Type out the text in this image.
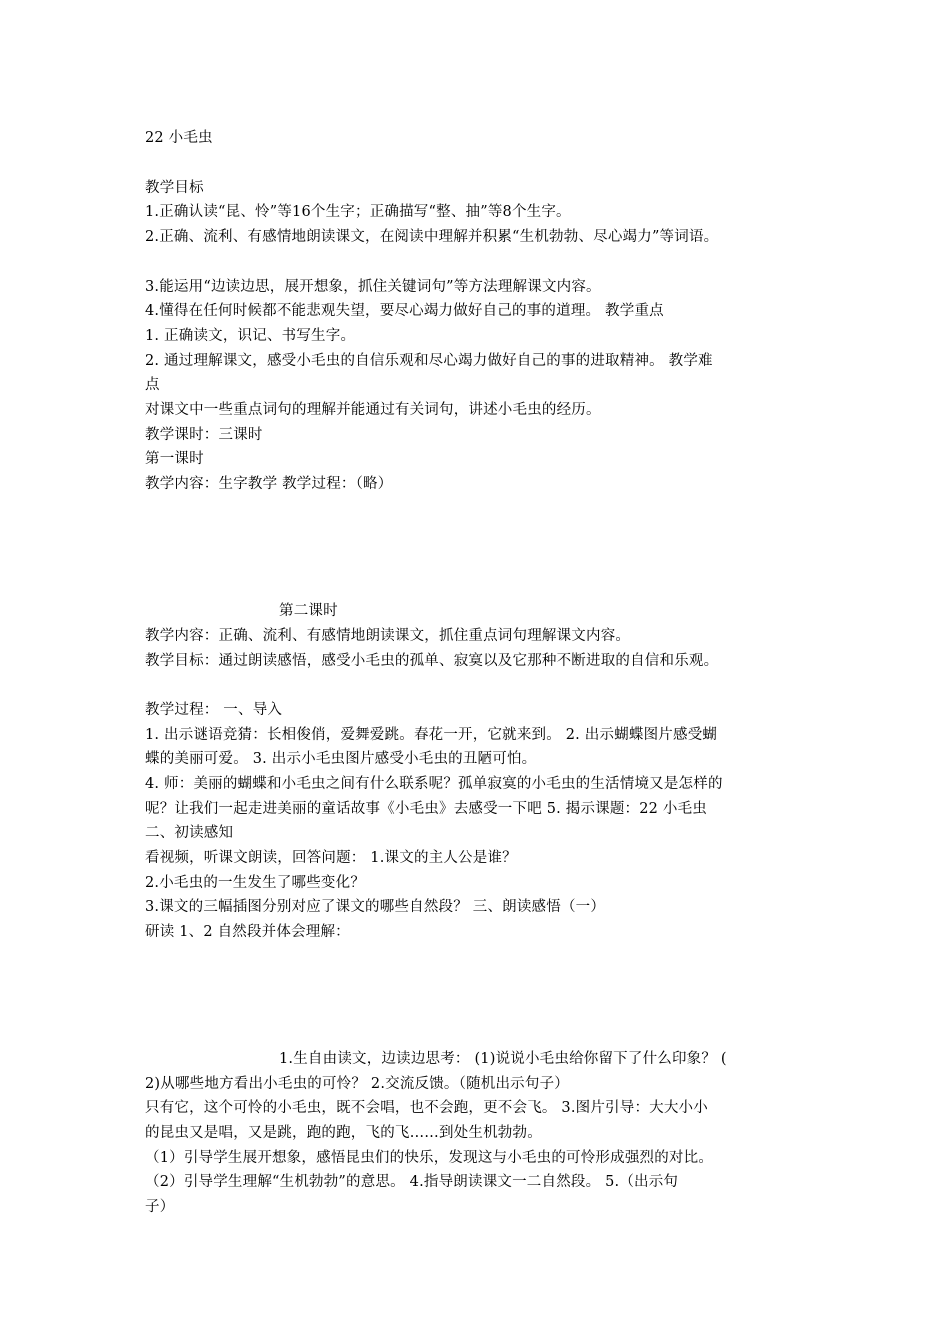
22 小毛虫
教学目标
1.正确认读“昆、怜”等16个生字；正确描写“整、抽”等8个生字。
2.正确、流利、有感情地朗读课文，在阅读中理解并积累“生机勃勃、尽心竭力”等词语。
3.能运用“边读边思，展开想象，抓住关键词句”等方法理解课文内容。
4.懂得在任何时候都不能悲观失望，要尽心竭力做好自己的事的道理。 教学重点
1. 正确读文，识记、书写生字。
2. 通过理解课文，感受小毛虫的自信乐观和尽心竭力做好自己的事的进取精神。 教学难
点
对课文中一些重点词句的理解并能通过有关词句，讲述小毛虫的经历。
教学课时：三课时
第一课时
教学内容：生字教学 教学过程：（略）
第二课时
教学内容：正确、流利、有感情地朗读课文，抓住重点词句理解课文内容。
教学目标：通过朗读感悟，感受小毛虫的孤单、寂寞以及它那种不断进取的自信和乐观。
教学过程： 一、导入
1. 出示谜语竞猜：长相俊俏，爱舞爱跳。春花一开，它就来到。 2. 出示蝴蝶图片感受蝴
蝶的美丽可爱。 3. 出示小毛虫图片感受小毛虫的丑陋可怕。
4. 师：美丽的蝴蝶和小毛虫之间有什么联系呢？孤单寂寞的小毛虫的生活情境又是怎样的
呢？让我们一起走进美丽的童话故事《小毛虫》去感受一下吧 5. 揭示课题：22 小毛虫
二、初读感知
看视频，听课文朗读，回答问题： 1.课文的主人公是谁？
2.小毛虫的一生发生了哪些变化？
3.课文的三幅插图分别对应了课文的哪些自然段？ 三、朗读感悟（一）
研读 1、2 自然段并体会理解：
1.生自由读文，边读边思考： (1)说说小毛虫给你留下了什么印象？ (
2)从哪些地方看出小毛虫的可怜？ 2.交流反馈。（随机出示句子）
只有它，这个可怜的小毛虫，既不会唱，也不会跑，更不会飞。 3.图片引导：大大小小
的昆虫又是唱，又是跳，跑的跑，飞的飞……到处生机勃勃。
（1）引导学生展开想象，感悟昆虫们的快乐，发现这与小毛虫的可怜形成强烈的对比。
（2）引导学生理解“生机勃勃”的意思。 4.指导朗读课文一二自然段。 5.（出示句
子）
